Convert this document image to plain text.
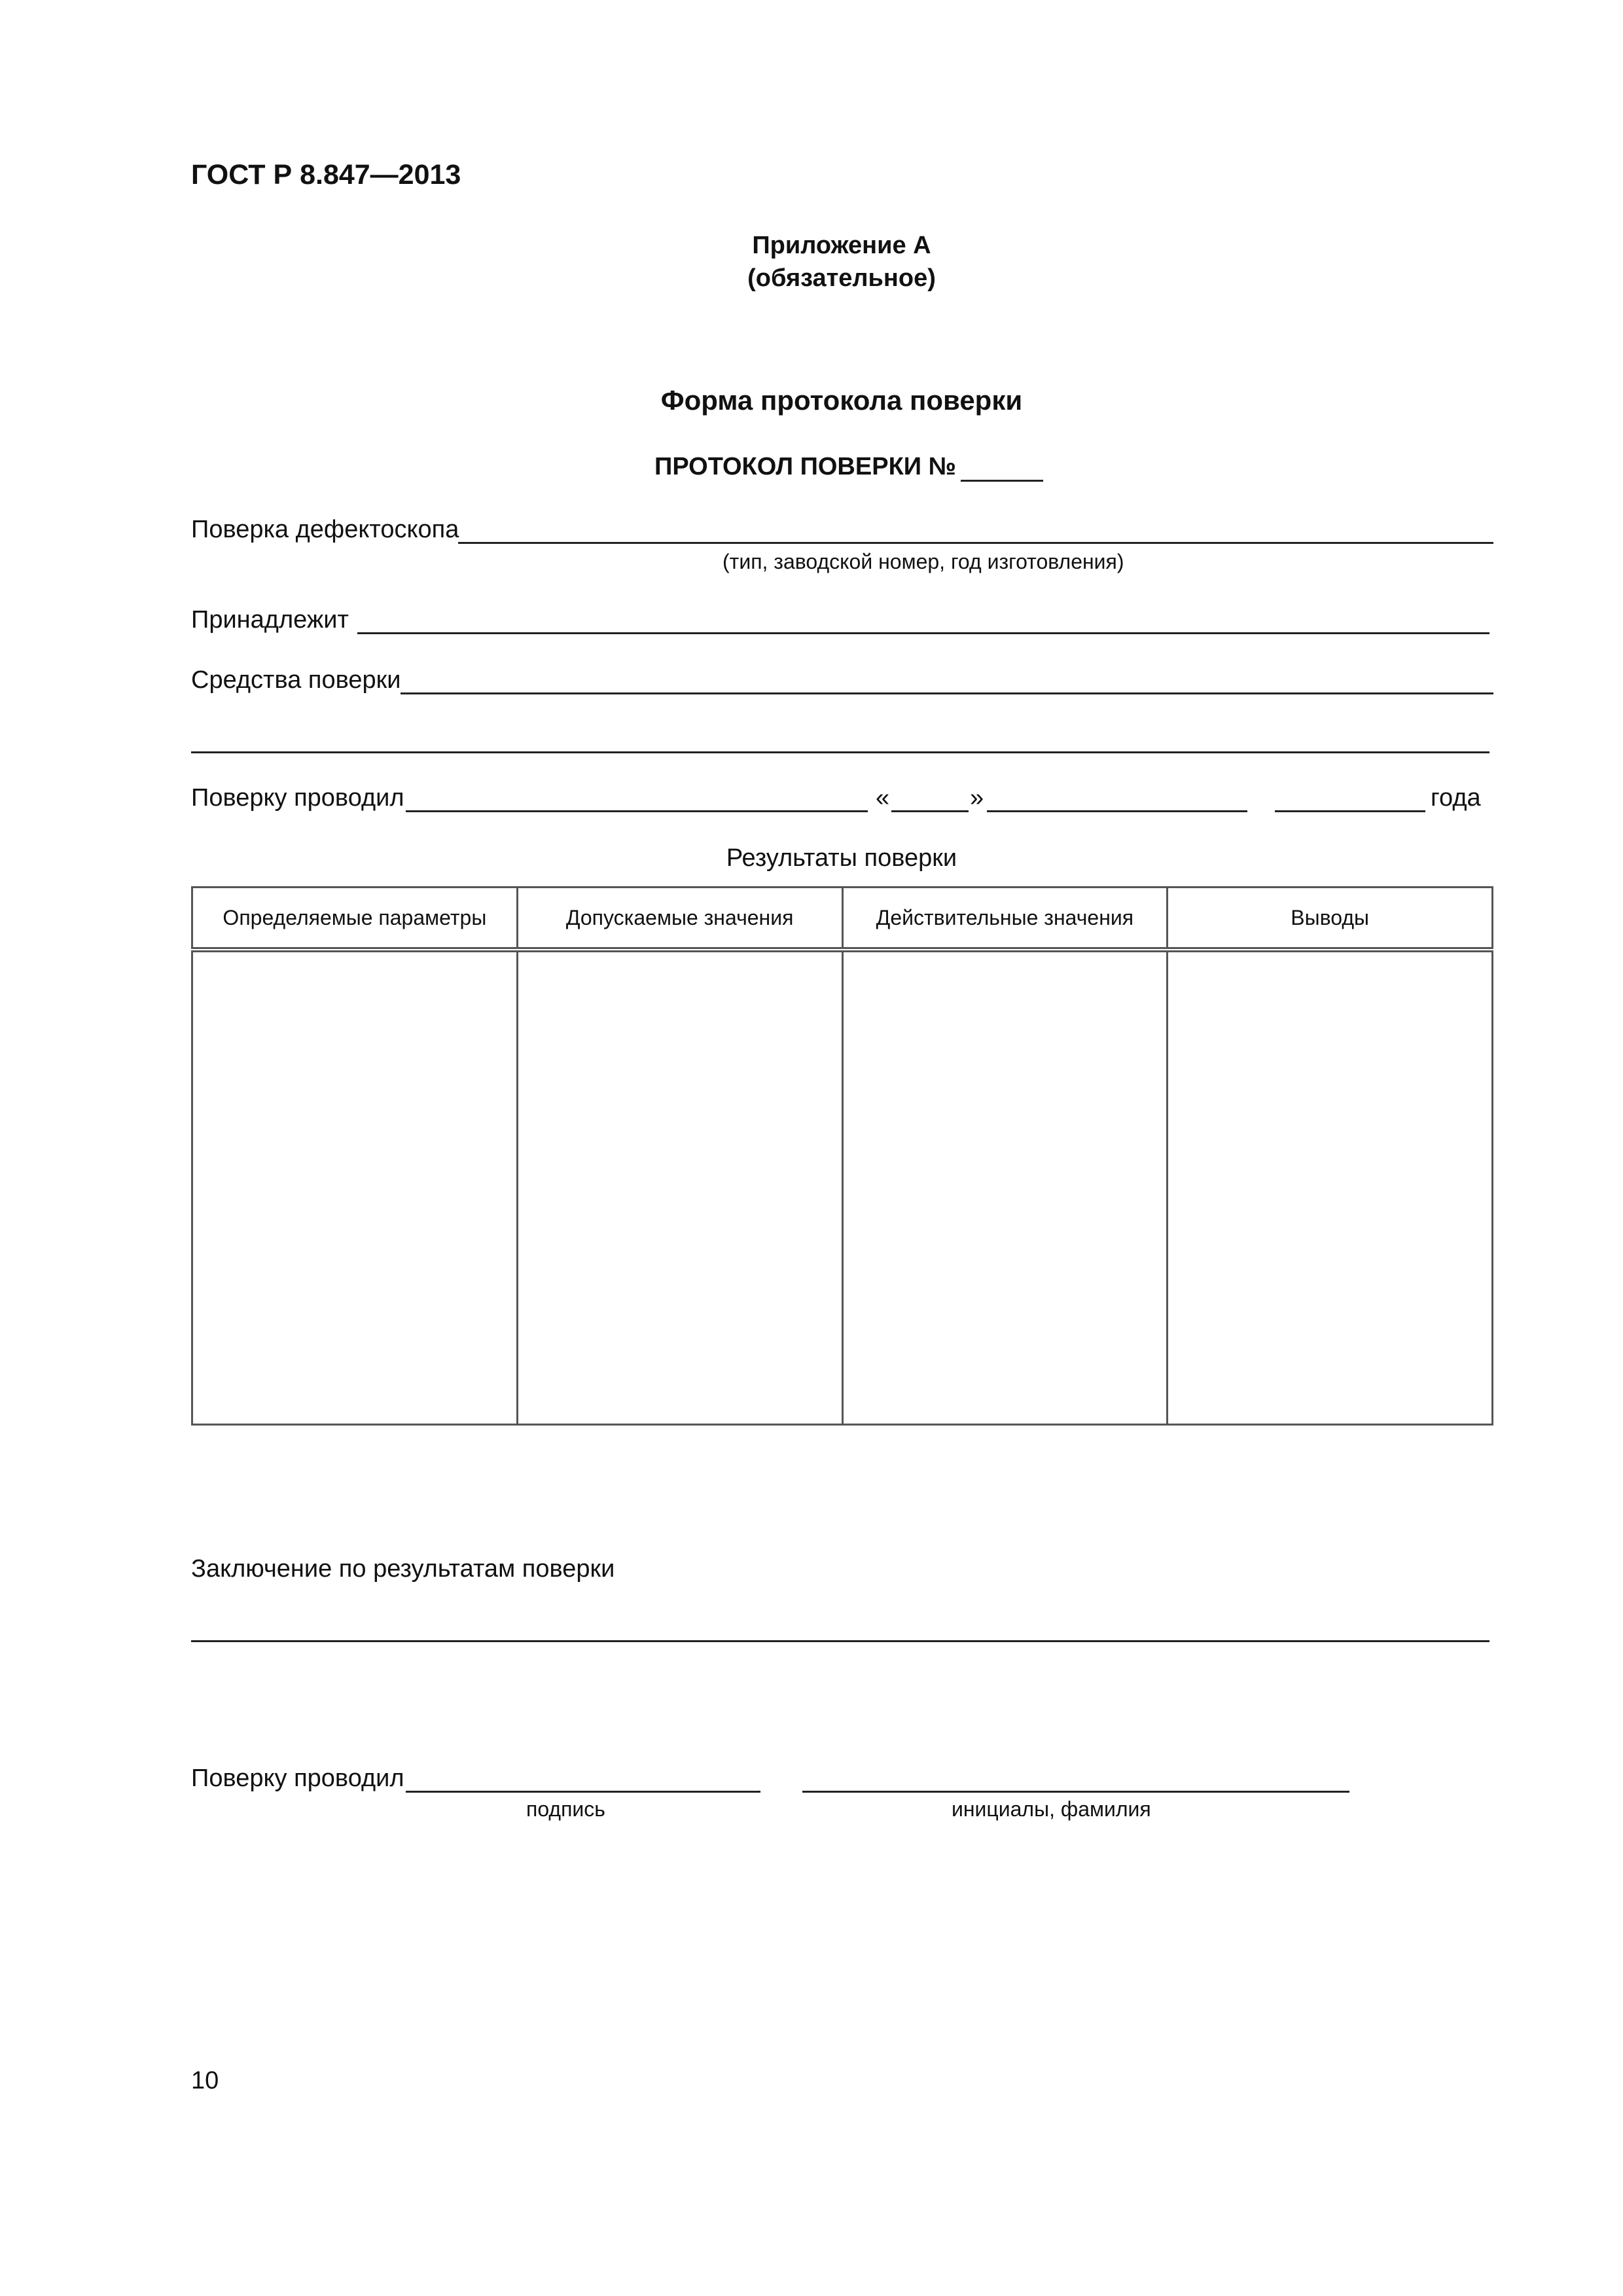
ГОСТ Р 8.847—2013
Приложение А
(обязательное)
Форма протокола поверки
ПРОТОКОЛ ПОВЕРКИ №
Поверка дефектоскопа
(тип, заводской номер, год изготовления)
Принадлежит
Средства поверки
Поверку проводил	«	»	года
Результаты поверки
Определяемые параметры	Допускаемые значения	Действительные значения	Выводы

Заключение по результатам поверки
Поверку проводил
подпись	инициалы, фамилия
10
